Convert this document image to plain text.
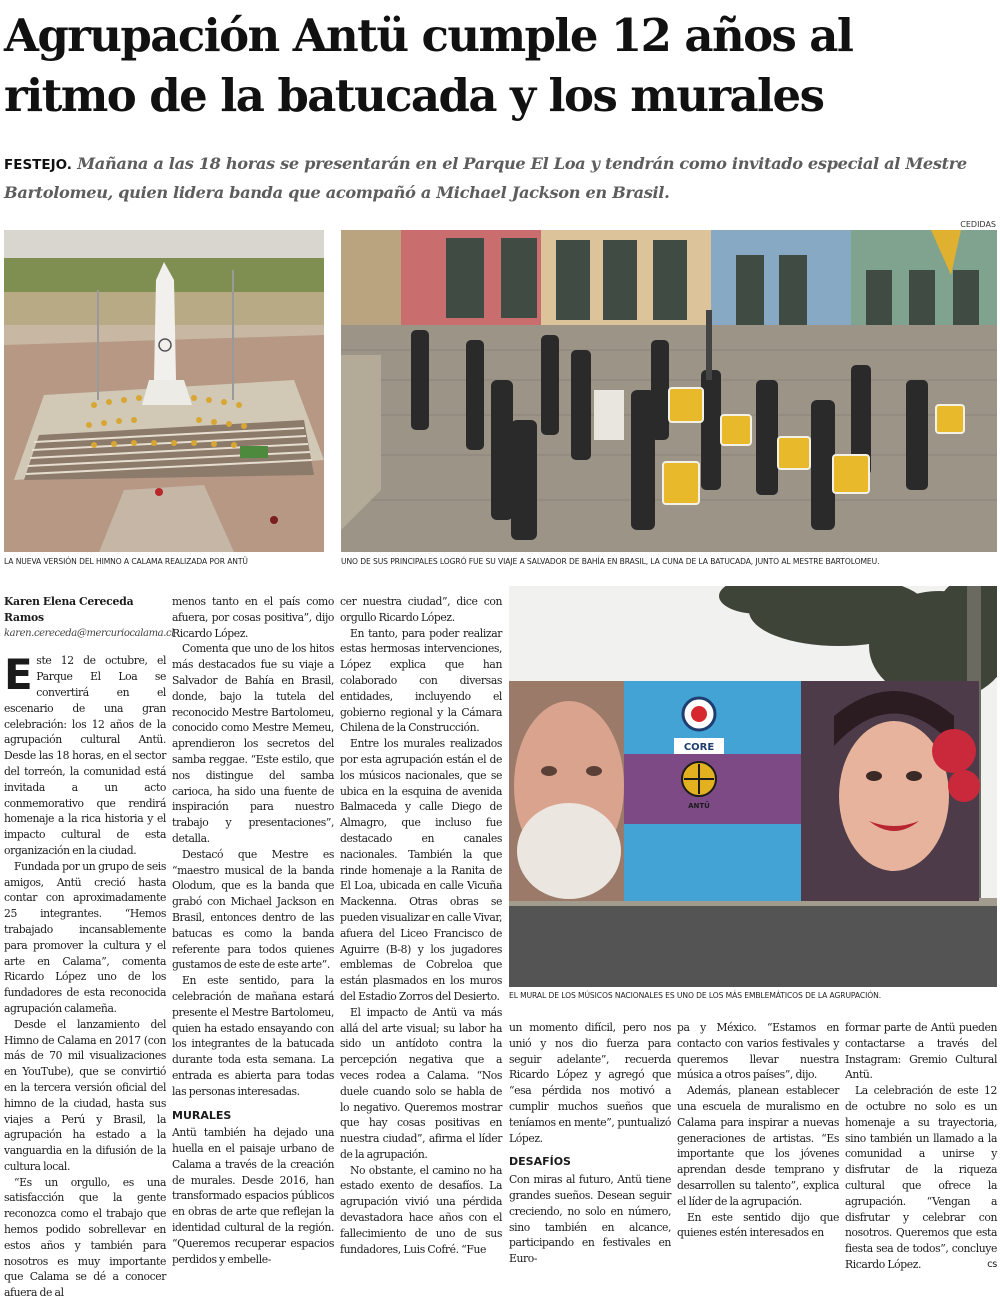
Agrupación Antü cumple 12 años al ritmo de la batucada y los murales
FESTEJO. Mañana a las 18 horas se presentarán en el Parque El Loa y tendrán como invitado especial al Mestre Bartolomeu, quien lidera banda que acompañó a Michael Jackson en Brasil.
CEDIDAS
LA NUEVA VERSIÓN DEL HIMNO A CALAMA REALIZADA POR ANTÜ	UNO DE SUS PRINCIPALES LOGRÓ FUE SU VIAJE A SALVADOR DE BAHÍA EN BRASIL, LA CUNA DE LA BATUCADA, JUNTO AL MESTRE BARTOLOMEU.
CORE
ANTÜ
EL MURAL DE LOS MÚSICOS NACIONALES ES UNO DE LOS MÁS EMBLEMÁTICOS DE LA AGRUPACIÓN.
Karen Elena Cereceda Ramos
karen.cereceda@mercuriocalama.cl

Este 12 de octubre, el Parque El Loa se convertirá en el escenario de una gran celebración: los 12 años de la agrupación cultural Antü. Desde las 18 horas, en el sector del torreón, la comunidad está invitada a un acto conmemorativo que rendirá homenaje a la rica historia y el impacto cultural de esta organización en la ciudad.

Fundada por un grupo de seis amigos, Antü creció hasta contar con aproximadamente 25 integrantes. “Hemos trabajado incansablemente para promover la cultura y el arte en Calama”, comenta Ricardo López uno de los fundadores de esta reconocida agrupación calameña.

Desde el lanzamiento del Himno de Calama en 2017 (con más de 70 mil visualizaciones en YouTube), que se convirtió en la tercera versión oficial del himno de la ciudad, hasta sus viajes a Perú y Brasil, la agrupación ha estado a la vanguardia en la difusión de la cultura local.

“Es un orgullo, es una satisfacción que la gente reconozca como el trabajo que hemos podido sobrellevar en estos años y también para nosotros es muy importante que Calama se dé a conocer afuera de al

menos tanto en el país como afuera, por cosas positiva”, dijo Ricardo López.

Comenta que uno de los hitos más destacados fue su viaje a Salvador de Bahía en Brasil, donde, bajo la tutela del reconocido Mestre Bartolomeu, conocido como Mestre Memeu, aprendieron los secretos del samba reggae. “Este estilo, que nos distingue del samba carioca, ha sido una fuente de inspiración para nuestro trabajo y presentaciones”, detalla.

Destacó que Mestre es “maestro musical de la banda Olodum, que es la banda que grabó con Michael Jackson en Brasil, entonces dentro de las batucas es como la banda referente para todos quienes gustamos de este de este arte”.

En este sentido, para la celebración de mañana estará presente el Mestre Bartolomeu, quien ha estado ensayando con los integrantes de la batucada durante toda esta semana. La entrada es abierta para todas las personas interesadas.

MURALES

Antü también ha dejado una huella en el paisaje urbano de Calama a través de la creación de murales. Desde 2016, han transformado espacios públicos en obras de arte que reflejan la identidad cultural de la región. “Queremos recuperar espacios perdidos y embelle-

cer nuestra ciudad”, dice con orgullo Ricardo López.

En tanto, para poder realizar estas hermosas intervenciones, López explica que han colaborado con diversas entidades, incluyendo el gobierno regional y la Cámara Chilena de la Construcción.

Entre los murales realizados por esta agrupación están el de los músicos nacionales, que se ubica en la esquina de avenida Balmaceda y calle Diego de Almagro, que incluso fue destacado en canales nacionales. También la que rinde homenaje a la Ranita de El Loa, ubicada en calle Vicuña Mackenna. Otras obras se pueden visualizar en calle Vivar, afuera del Liceo Francisco de Aguirre (B-8) y los jugadores emblemas de Cobreloa que están plasmados en los muros del Estadio Zorros del Desierto.

El impacto de Antü va más allá del arte visual; su labor ha sido un antídoto contra la percepción negativa que a veces rodea a Calama. “Nos duele cuando solo se habla de lo negativo. Queremos mostrar que hay cosas positivas en nuestra ciudad”, afirma el líder de la agrupación.

No obstante, el camino no ha estado exento de desafíos. La agrupación vivió una pérdida devastadora hace años con el fallecimiento de uno de sus fundadores, Luis Cofré. “Fue

un momento difícil, pero nos unió y nos dio fuerza para seguir adelante”, recuerda Ricardo López y agregó que “esa pérdida nos motivó a cumplir muchos sueños que teníamos en mente”, puntualizó López.

DESAFÍOS

Con miras al futuro, Antü tiene grandes sueños. Desean seguir creciendo, no solo en número, sino también en alcance, participando en festivales en Euro-

pa y México. “Estamos en contacto con varios festivales y queremos llevar nuestra música a otros países”, dijo.

Además, planean establecer una escuela de muralismo en Calama para inspirar a nuevas generaciones de artistas. “Es importante que los jóvenes aprendan desde temprano y desarrollen su talento”, explica el líder de la agrupación.

En este sentido dijo que quienes estén interesados en

formar parte de Antü pueden contactarse a través del Instagram: Gremio Cultural Antü.

La celebración de este 12 de octubre no solo es un homenaje a su trayectoria, sino también un llamado a la comunidad a unirse y disfrutar de la riqueza cultural que ofrece la agrupación. “Vengan a disfrutar y celebrar con nosotros. Queremos que esta fiesta sea de todos”, concluye Ricardo López.	cs
